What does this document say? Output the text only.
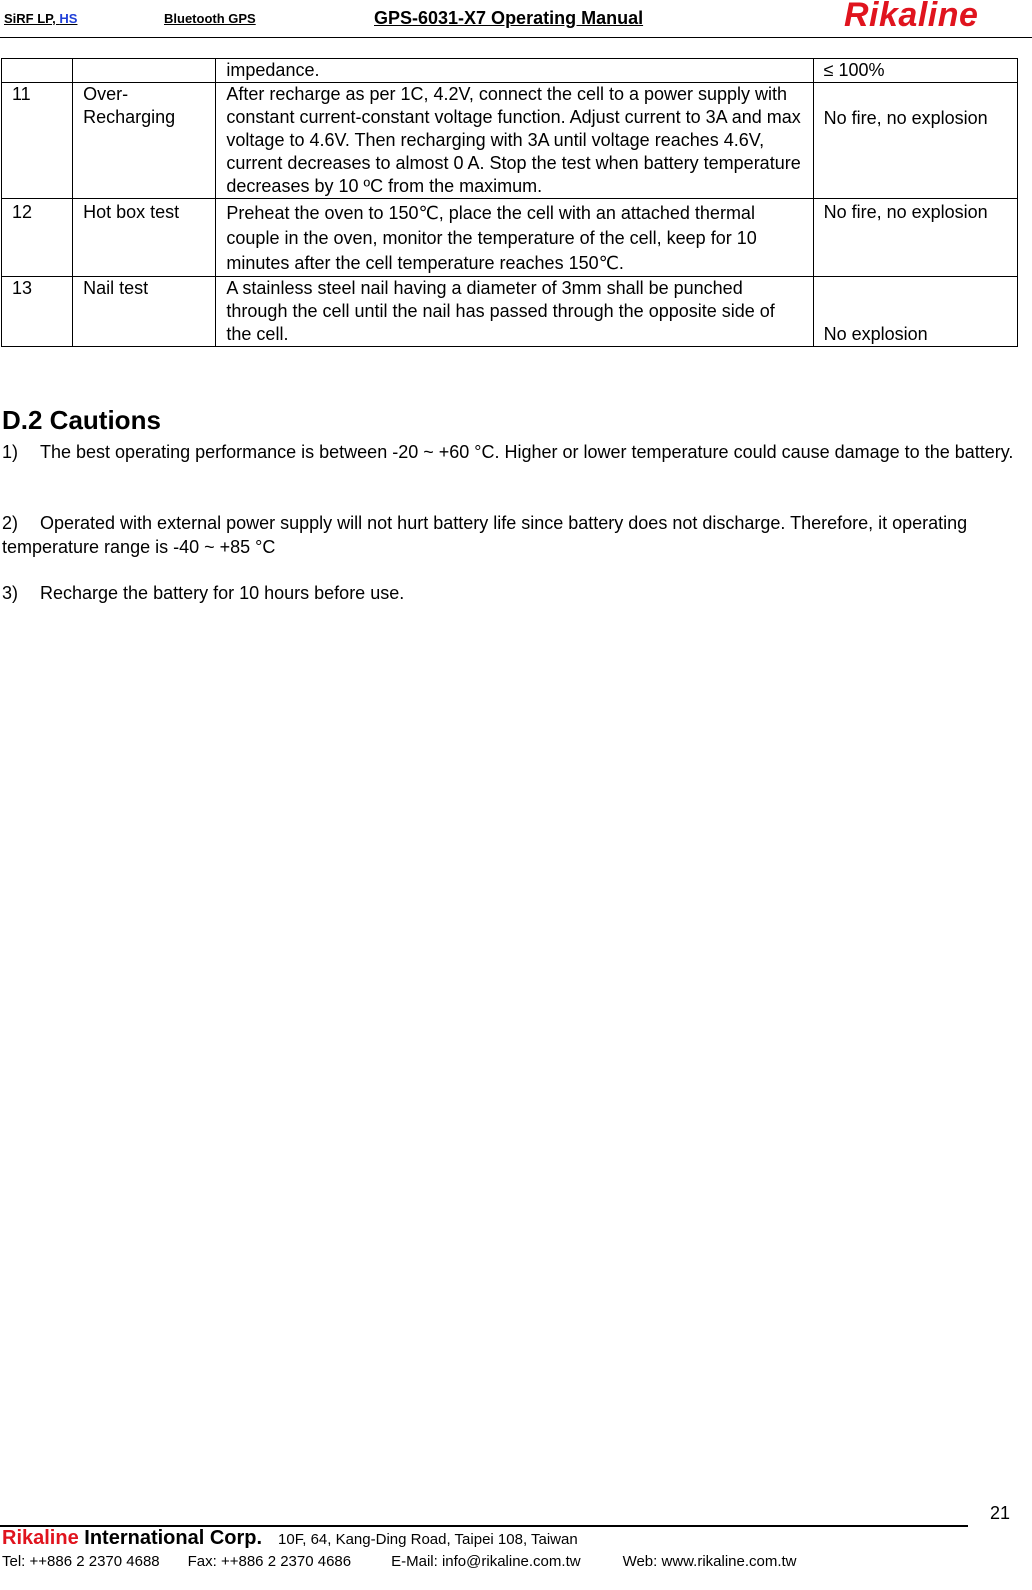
SiRF LP, HS	Bluetooth GPS	GPS-6031-X7 Operating Manual	Rikaline
		impedance.	≤ 100%
11	Over-Recharging	After recharge as per 1C, 4.2V, connect the cell to a power supply with constant current-constant voltage function. Adjust current to 3A and max voltage to 4.6V. Then recharging with 3A until voltage reaches 4.6V, current decreases to almost 0 A. Stop the test when battery temperature decreases by 10 ºC from the maximum.	No fire, no explosion
12	Hot box test	Preheat the oven to 150℃, place the cell with an attached thermal couple in the oven, monitor the temperature of the cell, keep for 10 minutes after the cell temperature reaches 150℃.	No fire, no explosion
13	Nail test	A stainless steel nail having a diameter of 3mm shall be punched through the cell until the nail has passed through the opposite side of the cell.	No explosion
D.2 Cautions
1) The best operating performance is between -20 ~ +60 °C. Higher or lower temperature could cause damage to the battery.
2) Operated with external power supply will not hurt battery life since battery does not discharge. Therefore, it operating temperature range is -40 ~ +85 °C
3) Recharge the battery for 10 hours before use.
21
Rikaline International Corp. 10F, 64, Kang-Ding Road, Taipei 108, Taiwan
Tel: ++886 2 2370 4688 Fax: ++886 2 2370 4686	E-Mail: info@rikaline.com.tw	Web: www.rikaline.com.tw
